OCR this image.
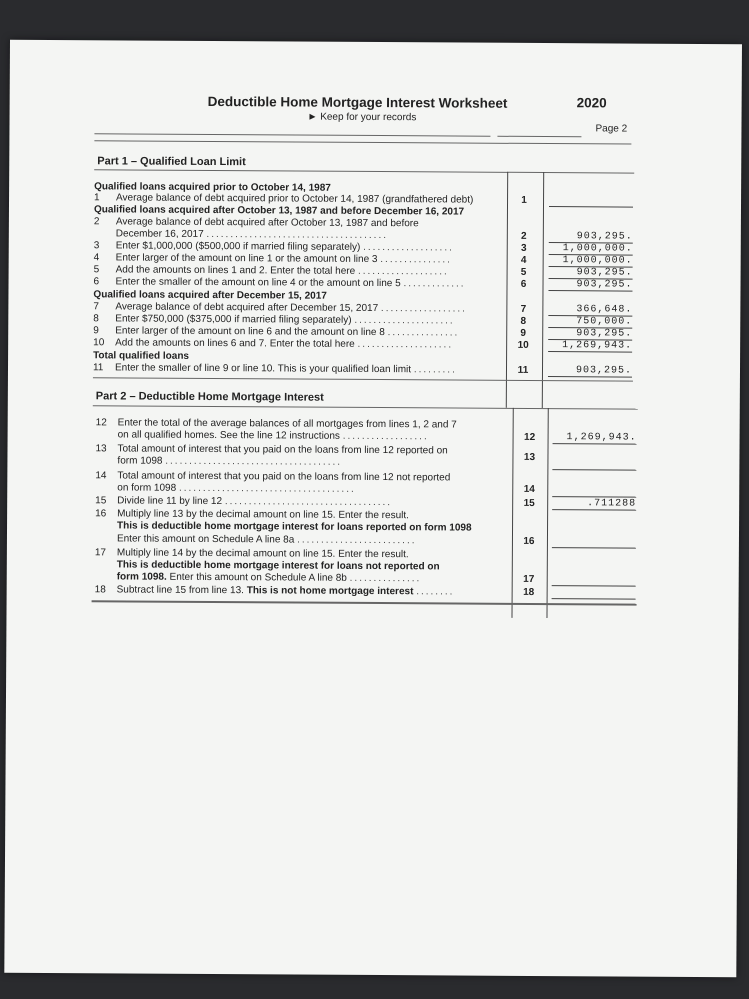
Deductible Home Mortgage Interest Worksheet	2020
► Keep for your records
Page 2
Part 1 – Qualified Loan Limit
Qualified loans acquired prior to October 14, 1987
1 Average balance of debt acquired prior to October 14, 1987 (grandfathered debt)	1
Qualified loans acquired after October 13, 1987 and before December 16, 2017
2 Average balance of debt acquired after October 13, 1987 and before
December 16, 2017 ......................................	2	903,295.
3 Enter $1,000,000 ($500,000 if married filing separately) ...................	3	1,000,000.
4 Enter larger of the amount on line 1 or the amount on line 3 ...............	4	1,000,000.
5 Add the amounts on lines 1 and 2. Enter the total here ...................	5	903,295.
6 Enter the smaller of the amount on line 4 or the amount on line 5 .............	6	903,295.
Qualified loans acquired after December 15, 2017
7 Average balance of debt acquired after December 15, 2017 ..................	7	366,648.
8 Enter $750,000 ($375,000 if married filing separately) .....................	8	750,000.
9 Enter larger of the amount on line 6 and the amount on line 8 ...............	9	903,295.
10 Add the amounts on lines 6 and 7. Enter the total here ....................	10	1,269,943.
Total qualified loans
11 Enter the smaller of line 9 or line 10. This is your qualified loan limit .........	11	903,295.
Part 2 – Deductible Home Mortgage Interest
12 Enter the total of the average balances of all mortgages from lines 1, 2 and 7
on all qualified homes. See the line 12 instructions ..................	12	1,269,943.
13 Total amount of interest that you paid on the loans from line 12 reported on
form 1098 .....................................	13
14 Total amount of interest that you paid on the loans from line 12 not reported
on form 1098 .....................................	14
15 Divide line 11 by line 12 ...................................	15	.711288
16 Multiply line 13 by the decimal amount on line 15. Enter the result.
This is deductible home mortgage interest for loans reported on form 1098
Enter this amount on Schedule A line 8a .........................	16
17 Multiply line 14 by the decimal amount on line 15. Enter the result.
This is deductible home mortgage interest for loans not reported on
form 1098. Enter this amount on Schedule A line 8b ...............	17
18 Subtract line 15 from line 13. This is not home mortgage interest ........	18
